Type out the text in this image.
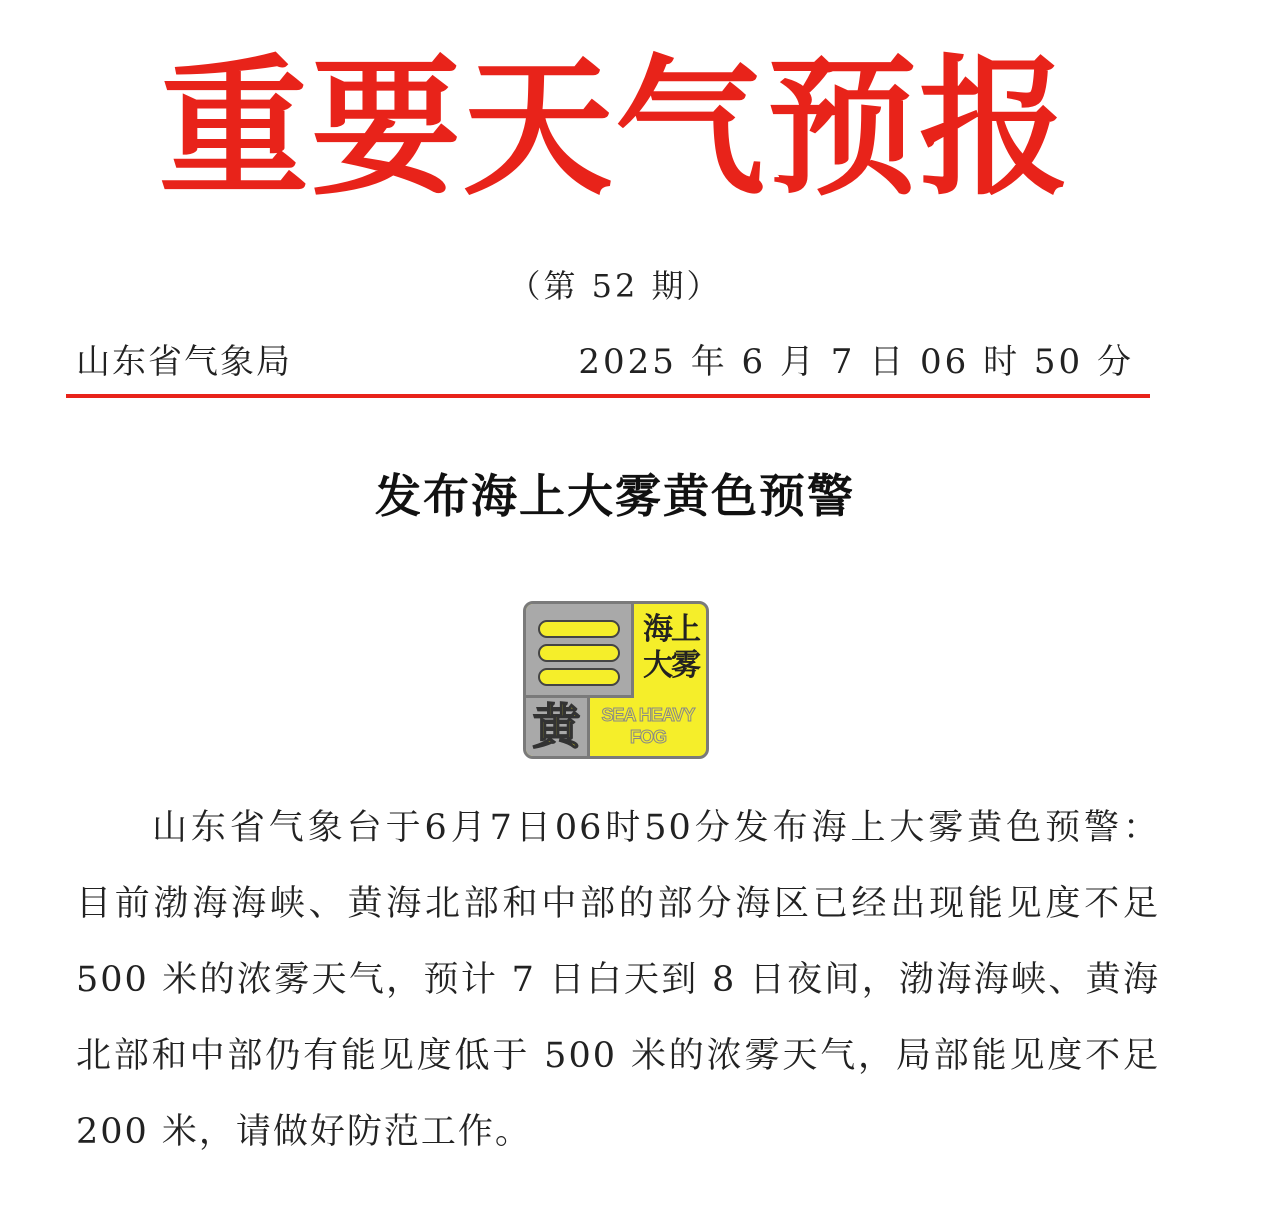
重要天气预报
（第 52 期）
山东省气象局	2025 年 6 月 7 日 06 时 50 分
发布海上大雾黄色预警
海上
大雾
黄	SEA HEAVY
FOG
山东省气象台于6月7日06时50分发布海上大雾黄色预警：
目前渤海海峡、黄海北部和中部的部分海区已经出现能见度不足
500 米的浓雾天气，预计 7 日白天到 8 日夜间，渤海海峡、黄海
北部和中部仍有能见度低于 500 米的浓雾天气，局部能见度不足
200 米，请做好防范工作。
